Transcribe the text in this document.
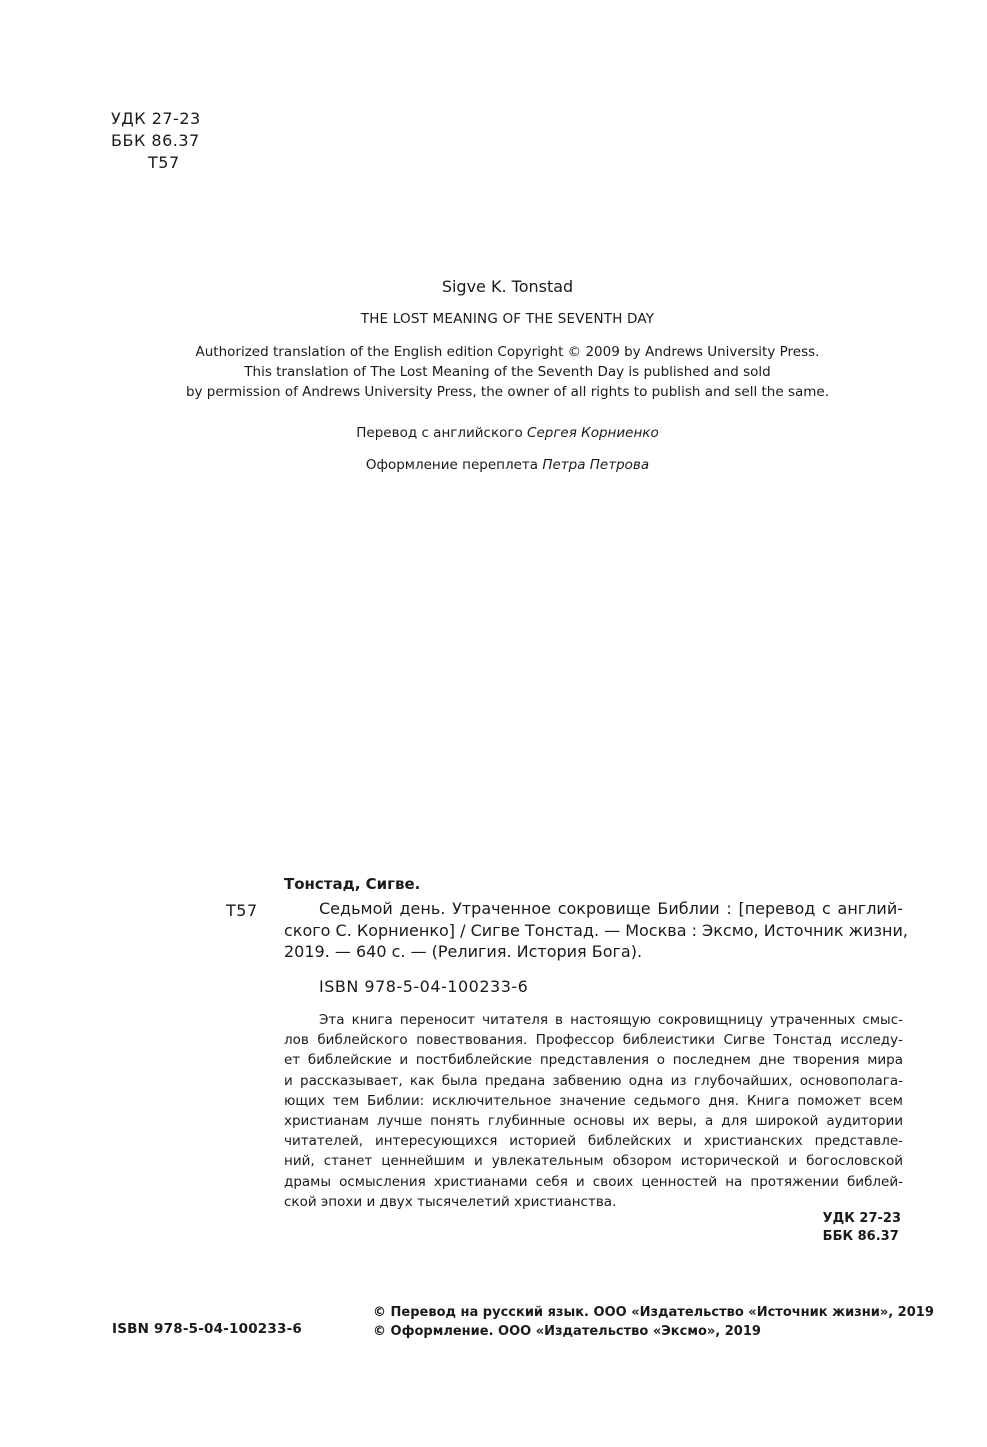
УДК 27-23
ББК 86.37
Т57
Sigve K. Tonstad
THE LOST MEANING OF THE SEVENTH DAY
Authorized translation of the English edition Copyright © 2009 by Andrews University Press.
This translation of The Lost Meaning of the Seventh Day is published and sold
by permission of Andrews University Press, the owner of all rights to publish and sell the same.
Перевод с английского Сергея Корниенко
Оформление переплета Петра Петрова
Тонстад, Сигве.
Т57	Седьмой день. Утраченное сокровище Библии : [перевод с англий-
ского С. Корниенко] / Сигве Тонстад. — Москва : Эксмо, Источник жизни,
2019. — 640 с. — (Религия. История Бога).
ISBN 978-5-04-100233-6
Эта книга переносит читателя в настоящую сокровищницу утраченных смыс-
лов библейского повествования. Профессор библеистики Сигве Тонстад исследу-
ет библейские и постбиблейские представления о последнем дне творения мира
и рассказывает, как была предана забвению одна из глубочайших, основополага-
ющих тем Библии: исключительное значение седьмого дня. Книга поможет всем
христианам лучше понять глубинные основы их веры, а для широкой аудитории
читателей, интересующихся историей библейских и христианских представле-
ний, станет ценнейшим и увлекательным обзором исторической и богословской
драмы осмысления христианами себя и своих ценностей на протяжении библей-
ской эпохи и двух тысячелетий христианства.
УДК 27-23
ББК 86.37
ISBN 978-5-04-100233-6
© Перевод на русский язык. ООО «Издательство «Источник жизни», 2019
© Оформление. ООО «Издательство «Эксмо», 2019
